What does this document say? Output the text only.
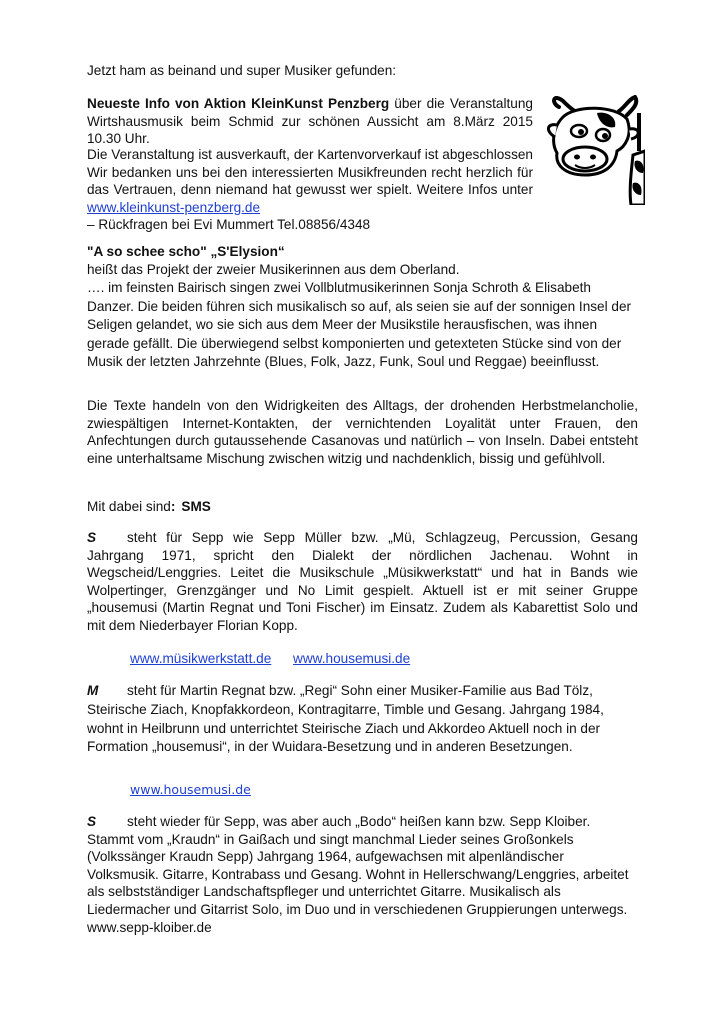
Jetzt ham as beinand und super Musiker gefunden:

Neueste Info von Aktion KleinKunst Penzberg über die Veranstaltung Wirtshausmusik beim Schmid zur schönen Aussicht am 8.März 2015 10.30 Uhr.

Die Veranstaltung ist ausverkauft, der Kartenvorverkauf ist abgeschlossen Wir bedanken uns bei den interessierten Musikfreunden recht herzlich für das Vertrauen, denn niemand hat gewusst wer spielt. Weitere Infos unter www.kleinkunst-penzberg.de
– Rückfragen bei Evi Mummert Tel.08856/4348

"A so schee scho" „S'Elysion“

heißt das Projekt der zweier Musikerinnen aus dem Oberland.

…. im feinsten Bairisch singen zwei Vollblutmusikerinnen Sonja Schroth & Elisabeth Danzer. Die beiden führen sich musikalisch so auf, als seien sie auf der sonnigen Insel der Seligen gelandet, wo sie sich aus dem Meer der Musikstile herausfischen, was ihnen gerade gefällt. Die überwiegend selbst komponierten und getexteten Stücke sind von der Musik der letzten Jahrzehnte (Blues, Folk, Jazz, Funk, Soul und Reggae) beeinflusst.

Die Texte handeln von den Widrigkeiten des Alltags, der drohenden Herbstmelancholie, zwiespältigen Internet-Kontakten, der vernichtenden Loyalität unter Frauen, den Anfechtungen durch gutaussehende Casanovas und natürlich – von Inseln. Dabei entsteht eine unterhaltsame Mischung zwischen witzig und nachdenklich, bissig und gefühlvoll.

Mit dabei sind: SMS

S steht für Sepp wie Sepp Müller bzw. „Mü, Schlagzeug, Percussion, Gesang Jahrgang 1971, spricht den Dialekt der nördlichen Jachenau. Wohnt in Wegscheid/Lenggries. Leitet die Musikschule „Müsikwerkstatt“ und hat in Bands wie Wolpertinger, Grenzgänger und No Limit gespielt. Aktuell ist er mit seiner Gruppe „housemusi (Martin Regnat und Toni Fischer) im Einsatz. Zudem als Kabarettist Solo und mit dem Niederbayer Florian Kopp.

www.müsikwerkstatt.de www.housemusi.de

M steht für Martin Regnat bzw. „Regi“ Sohn einer Musiker-Familie aus Bad Tölz, Steirische Ziach, Knopfakkordeon, Kontragitarre, Timble und Gesang. Jahrgang 1984, wohnt in Heilbrunn und unterrichtet Steirische Ziach und Akkordeo Aktuell noch in der Formation „housemusi“, in der Wuidara-Besetzung und in anderen Besetzungen.

www.housemusi.de

S steht wieder für Sepp, was aber auch „Bodo“ heißen kann bzw. Sepp Kloiber. Stammt vom „Kraudn“ in Gaißach und singt manchmal Lieder seines Großonkels (Volkssänger Kraudn Sepp) Jahrgang 1964, aufgewachsen mit alpenländischer Volksmusik. Gitarre, Kontrabass und Gesang. Wohnt in Hellerschwang/Lenggries, arbeitet als selbstständiger Landschaftspfleger und unterrichtet Gitarre. Musikalisch als Liedermacher und Gitarrist Solo, im Duo und in verschiedenen Gruppierungen unterwegs. www.sepp-kloiber.de
